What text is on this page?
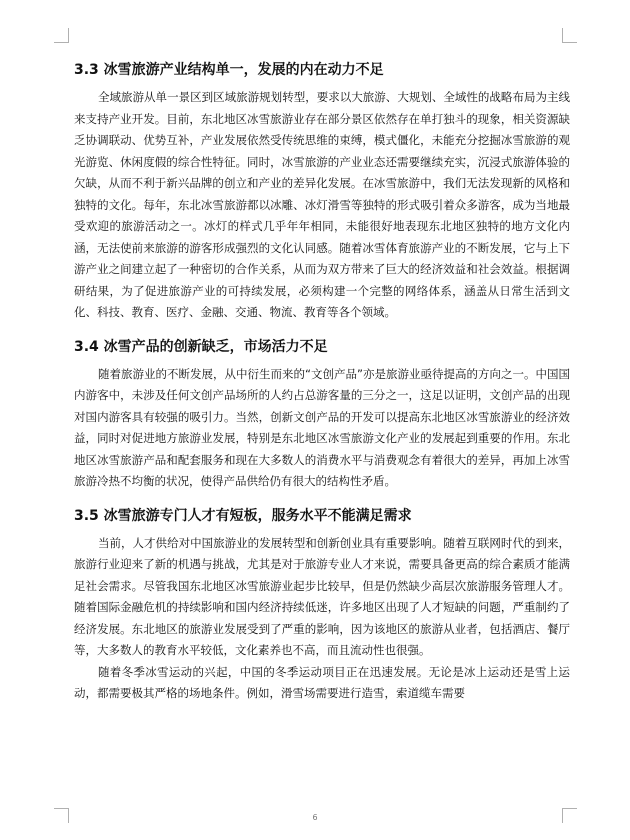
3.3 冰雪旅游产业结构单一，发展的内在动力不足

全域旅游从单一景区到区域旅游规划转型，要求以大旅游、大规划、全域性的战略布局为主线来支持产业开发。目前，东北地区冰雪旅游业存在部分景区依然存在单打独斗的现象，相关资源缺乏协调联动、优势互补，产业发展依然受传统思维的束缚，模式僵化，未能充分挖掘冰雪旅游的观光游览、休闲度假的综合性特征。同时，冰雪旅游的产业业态还需要继续充实，沉浸式旅游体验的欠缺，从而不利于新兴品牌的创立和产业的差异化发展。在冰雪旅游中，我们无法发现新的风格和独特的文化。每年，东北冰雪旅游都以冰雕、冰灯滑雪等独特的形式吸引着众多游客，成为当地最受欢迎的旅游活动之一。冰灯的样式几乎年年相同，未能很好地表现东北地区独特的地方文化内涵，无法使前来旅游的游客形成强烈的文化认同感。随着冰雪体育旅游产业的不断发展，它与上下游产业之间建立起了一种密切的合作关系，从而为双方带来了巨大的经济效益和社会效益。根据调研结果，为了促进旅游产业的可持续发展，必须构建一个完整的网络体系，涵盖从日常生活到文化、科技、教育、医疗、金融、交通、物流、教育等各个领域。

3.4 冰雪产品的创新缺乏，市场活力不足

随着旅游业的不断发展，从中衍生而来的“文创产品”亦是旅游业亟待提高的方向之一。中国国内游客中，未涉及任何文创产品场所的人约占总游客量的三分之一，这足以证明，文创产品的出现对国内游客具有较强的吸引力。当然，创新文创产品的开发可以提高东北地区冰雪旅游业的经济效益，同时对促进地方旅游业发展，特别是东北地区冰雪旅游文化产业的发展起到重要的作用。东北地区冰雪旅游产品和配套服务和现在大多数人的消费水平与消费观念有着很大的差异，再加上冰雪旅游冷热不均衡的状况，使得产品供给仍有很大的结构性矛盾。

3.5 冰雪旅游专门人才有短板，服务水平不能满足需求

当前，人才供给对中国旅游业的发展转型和创新创业具有重要影响。随着互联网时代的到来，旅游行业迎来了新的机遇与挑战，尤其是对于旅游专业人才来说，需要具备更高的综合素质才能满足社会需求。尽管我国东北地区冰雪旅游业起步比较早，但是仍然缺少高层次旅游服务管理人才。随着国际金融危机的持续影响和国内经济持续低迷，许多地区出现了人才短缺的问题，严重制约了经济发展。东北地区的旅游业发展受到了严重的影响，因为该地区的旅游从业者，包括酒店、餐厅等，大多数人的教育水平较低，文化素养也不高，而且流动性也很强。

随着冬季冰雪运动的兴起，中国的冬季运动项目正在迅速发展。无论是冰上运动还是雪上运动，都需要极其严格的场地条件。例如，滑雪场需要进行造雪，索道缆车需要

6
